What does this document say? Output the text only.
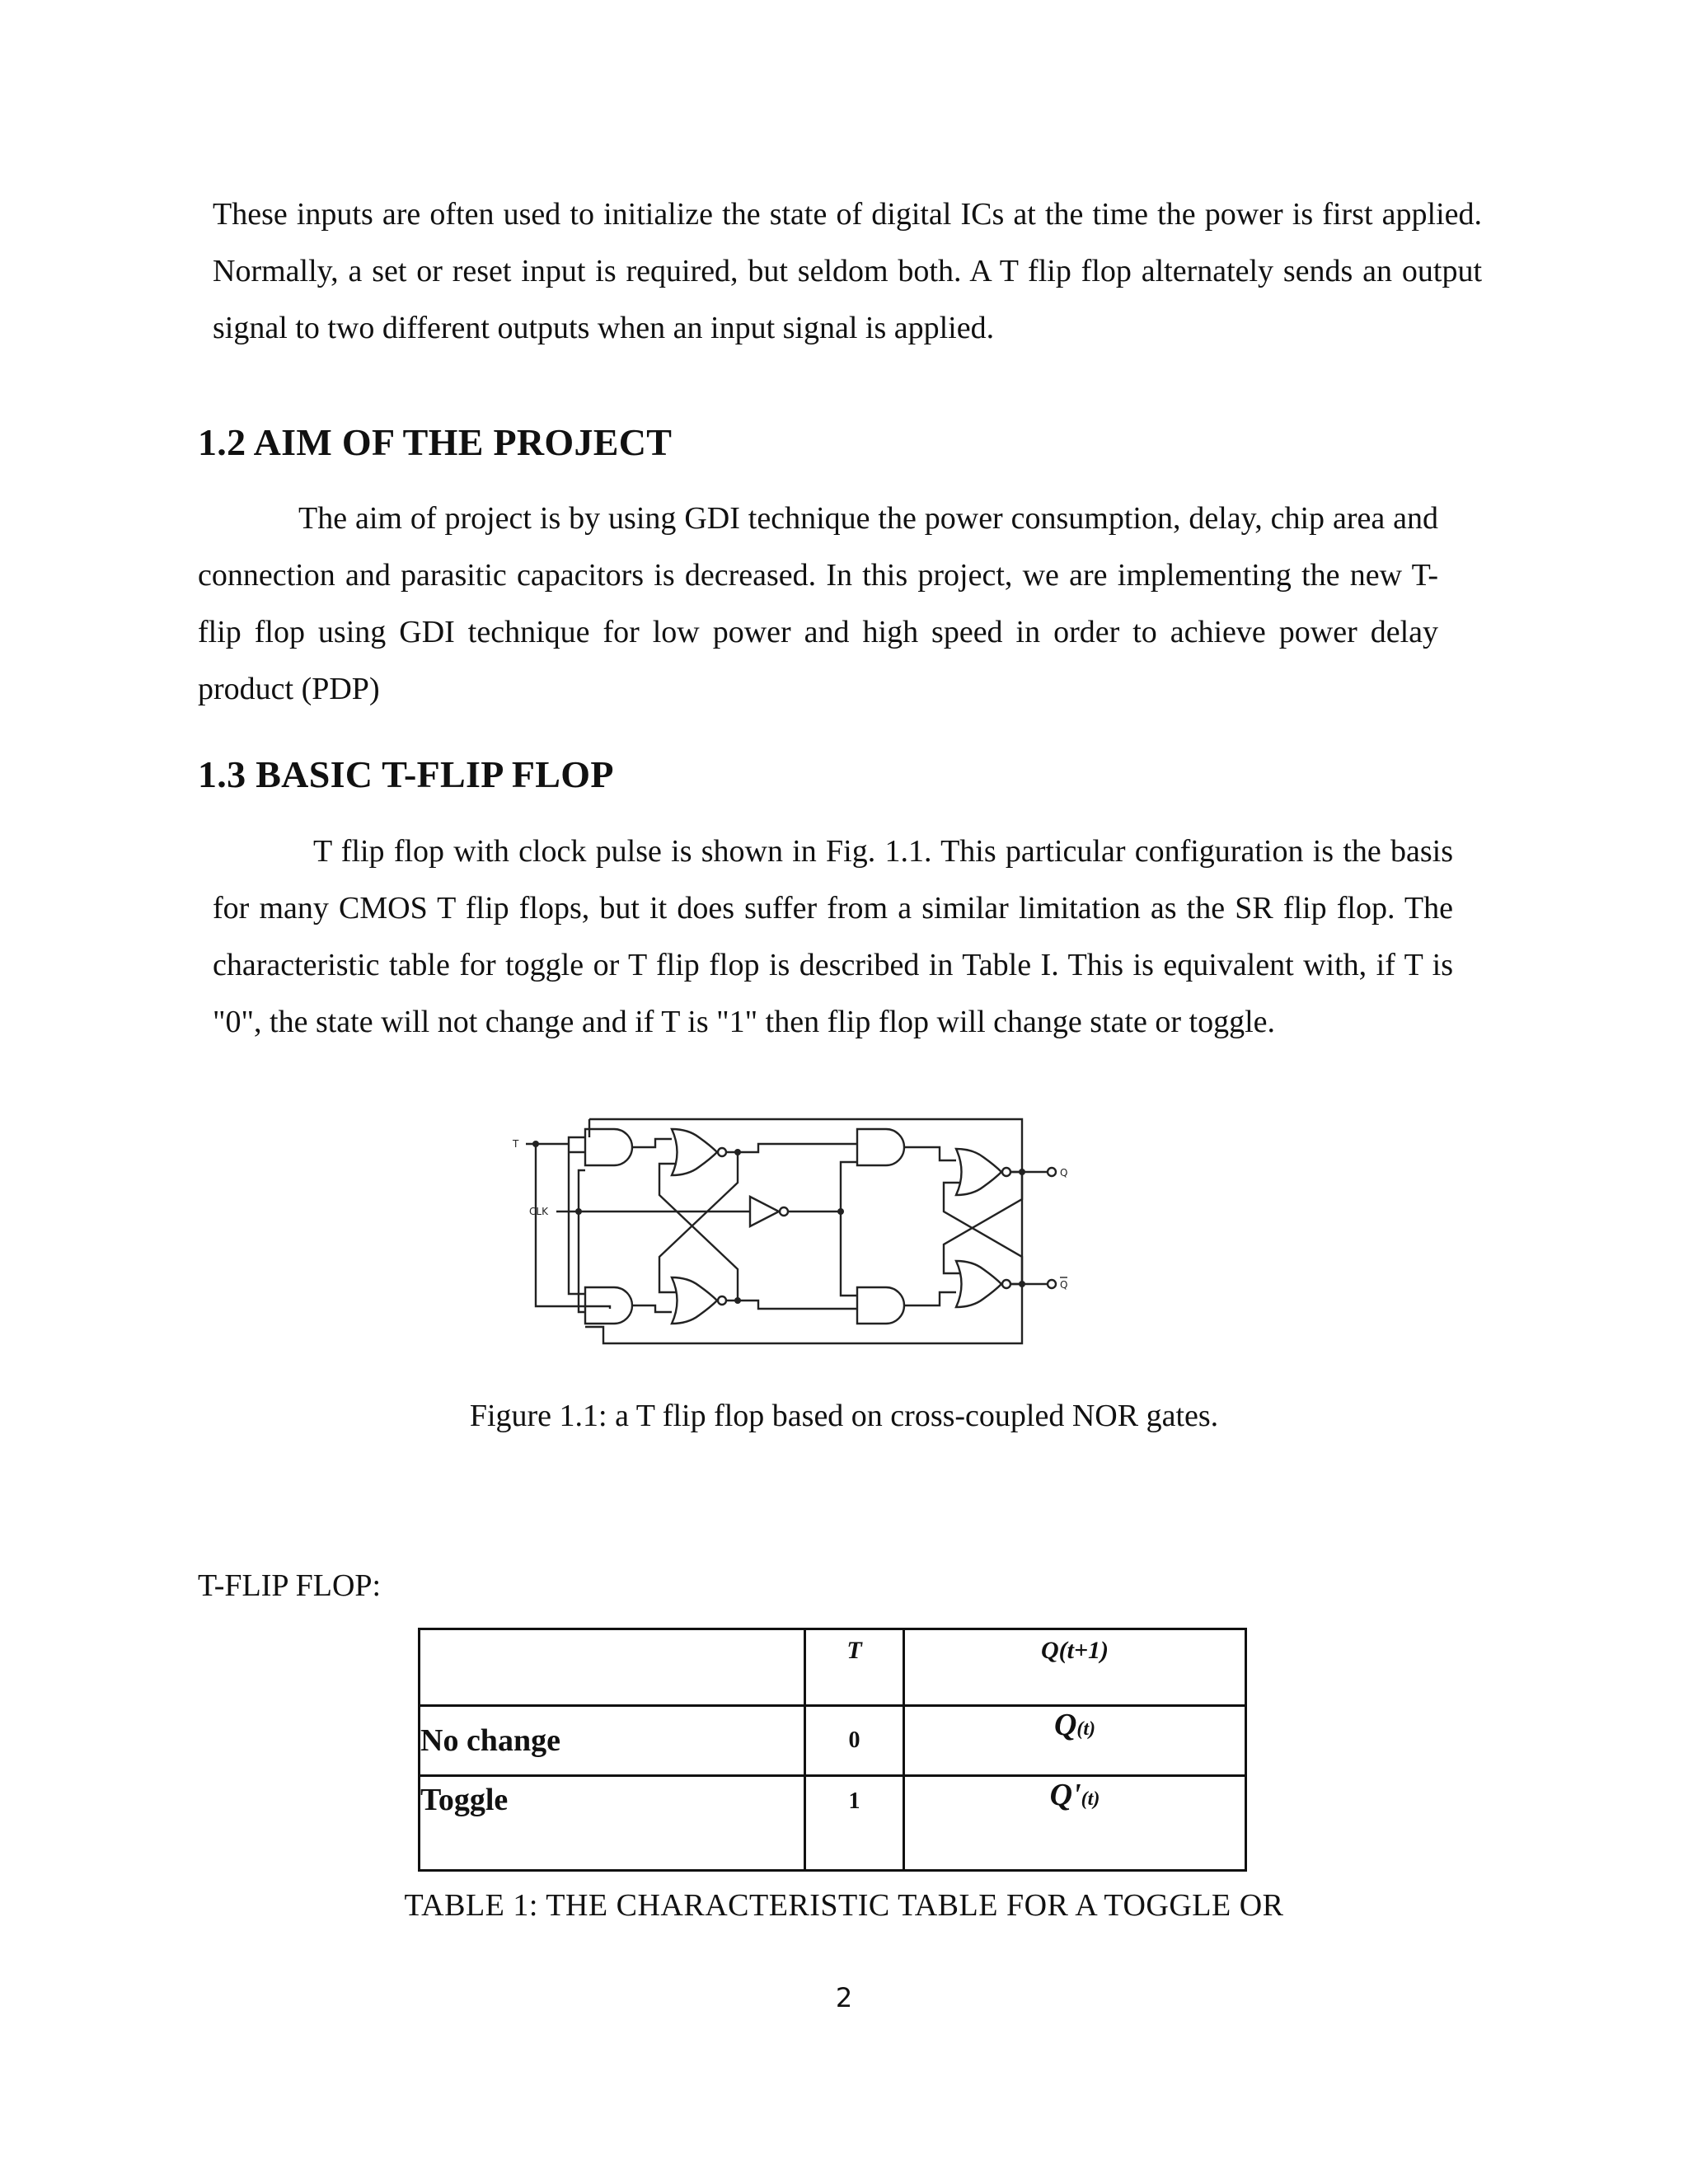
These inputs are often used to initialize the state of digital ICs at the time the power is first applied. Normally, a set or reset input is required, but seldom both. A T flip flop alternately sends an output signal to two different outputs when an input signal is applied.

1.2 AIM OF THE PROJECT

The aim of project is by using GDI technique the power consumption, delay, chip area and connection and parasitic capacitors is decreased. In this project, we are implementing the new T-flip flop using GDI technique for low power and high speed in order to achieve power delay product (PDP)

1.3 BASIC T-FLIP FLOP

T flip flop with clock pulse is shown in Fig. 1.1. This particular configuration is the basis for many CMOS T flip flops, but it does suffer from a similar limitation as the SR flip flop. The characteristic table for toggle or T flip flop is described in Table I. This is equivalent with, if T is "0", the state will not change and if T is "1" then flip flop will change state or toggle.

T
CLK
Q
Q
Figure 1.1: a T flip flop based on cross-coupled NOR gates.
T-FLIP FLOP:
	T	Q(t+1)
No change	0	Q(t)
Toggle	1	Q'(t)
TABLE 1: THE CHARACTERISTIC TABLE FOR A TOGGLE OR
2
